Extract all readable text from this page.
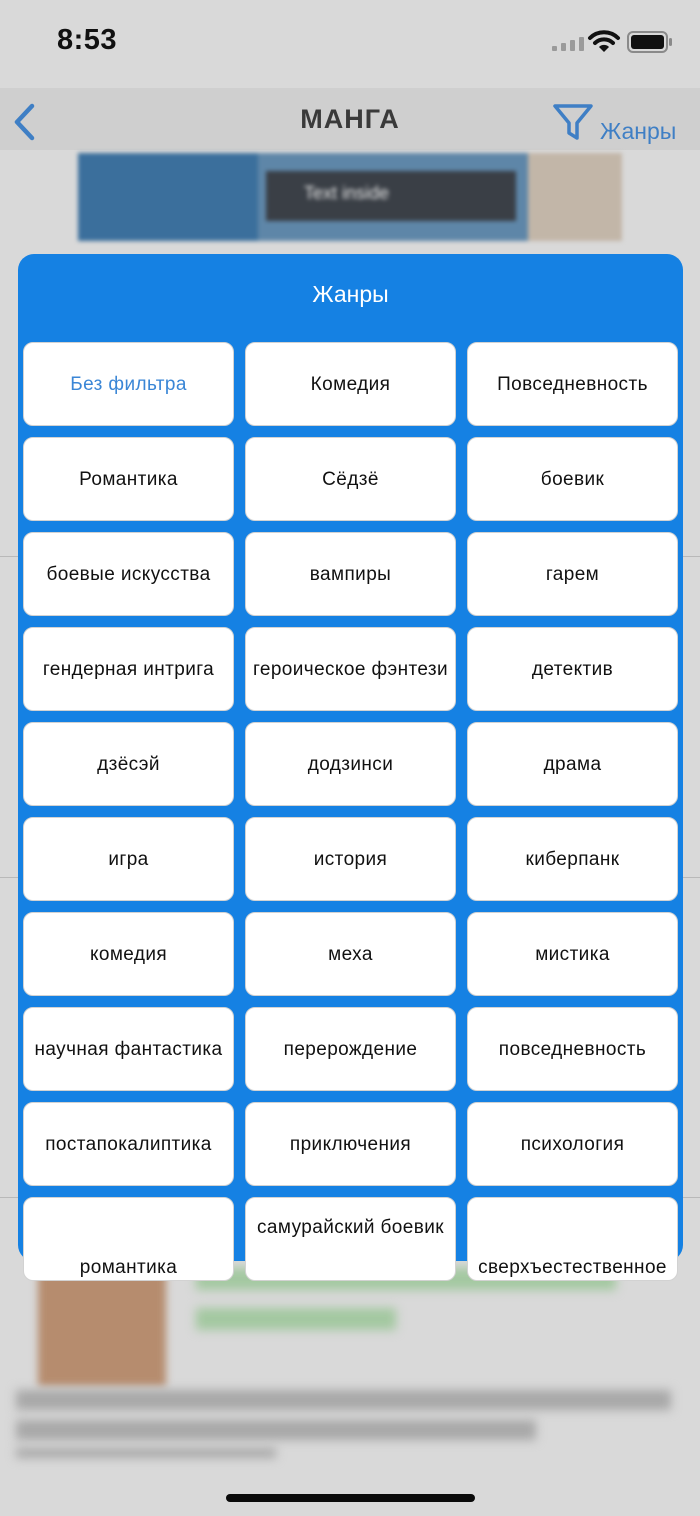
8:53
МАНГА	Жанры
Text inside
Жанры
Без фильтра	Комедия	Повседневность
Романтика	Сёдзё	боевик
боевые искусства	вампиры	гарем
гендерная интрига	героическое фэнтези	детектив
дзёсэй	додзинси	драма
игра	история	киберпанк
комедия	меха	мистика
научная фантастика	перерождение	повседневность
постапокалиптика	приключения	психология
романтика
самурайский боевик
сверхъестественное
